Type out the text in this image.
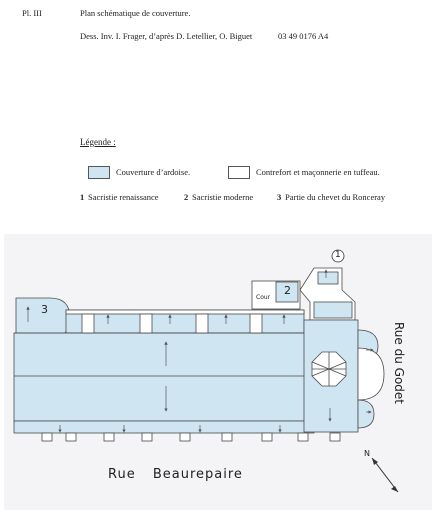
Pl. III	Plan schématique de couverture.
Dess. Inv. I. Frager, d’après D. Letellier, O. Biguet	03 49 0176 A4
Légende :
Couverture d’ardoise.	Contrefort et maçonnerie en tuffeau.
1 Sacristie renaissance	2 Sacristie moderne	3 Partie du chevet du Ronceray
1
2
3
Cour
Rue du Godet
Rue Beaurepaire
N
